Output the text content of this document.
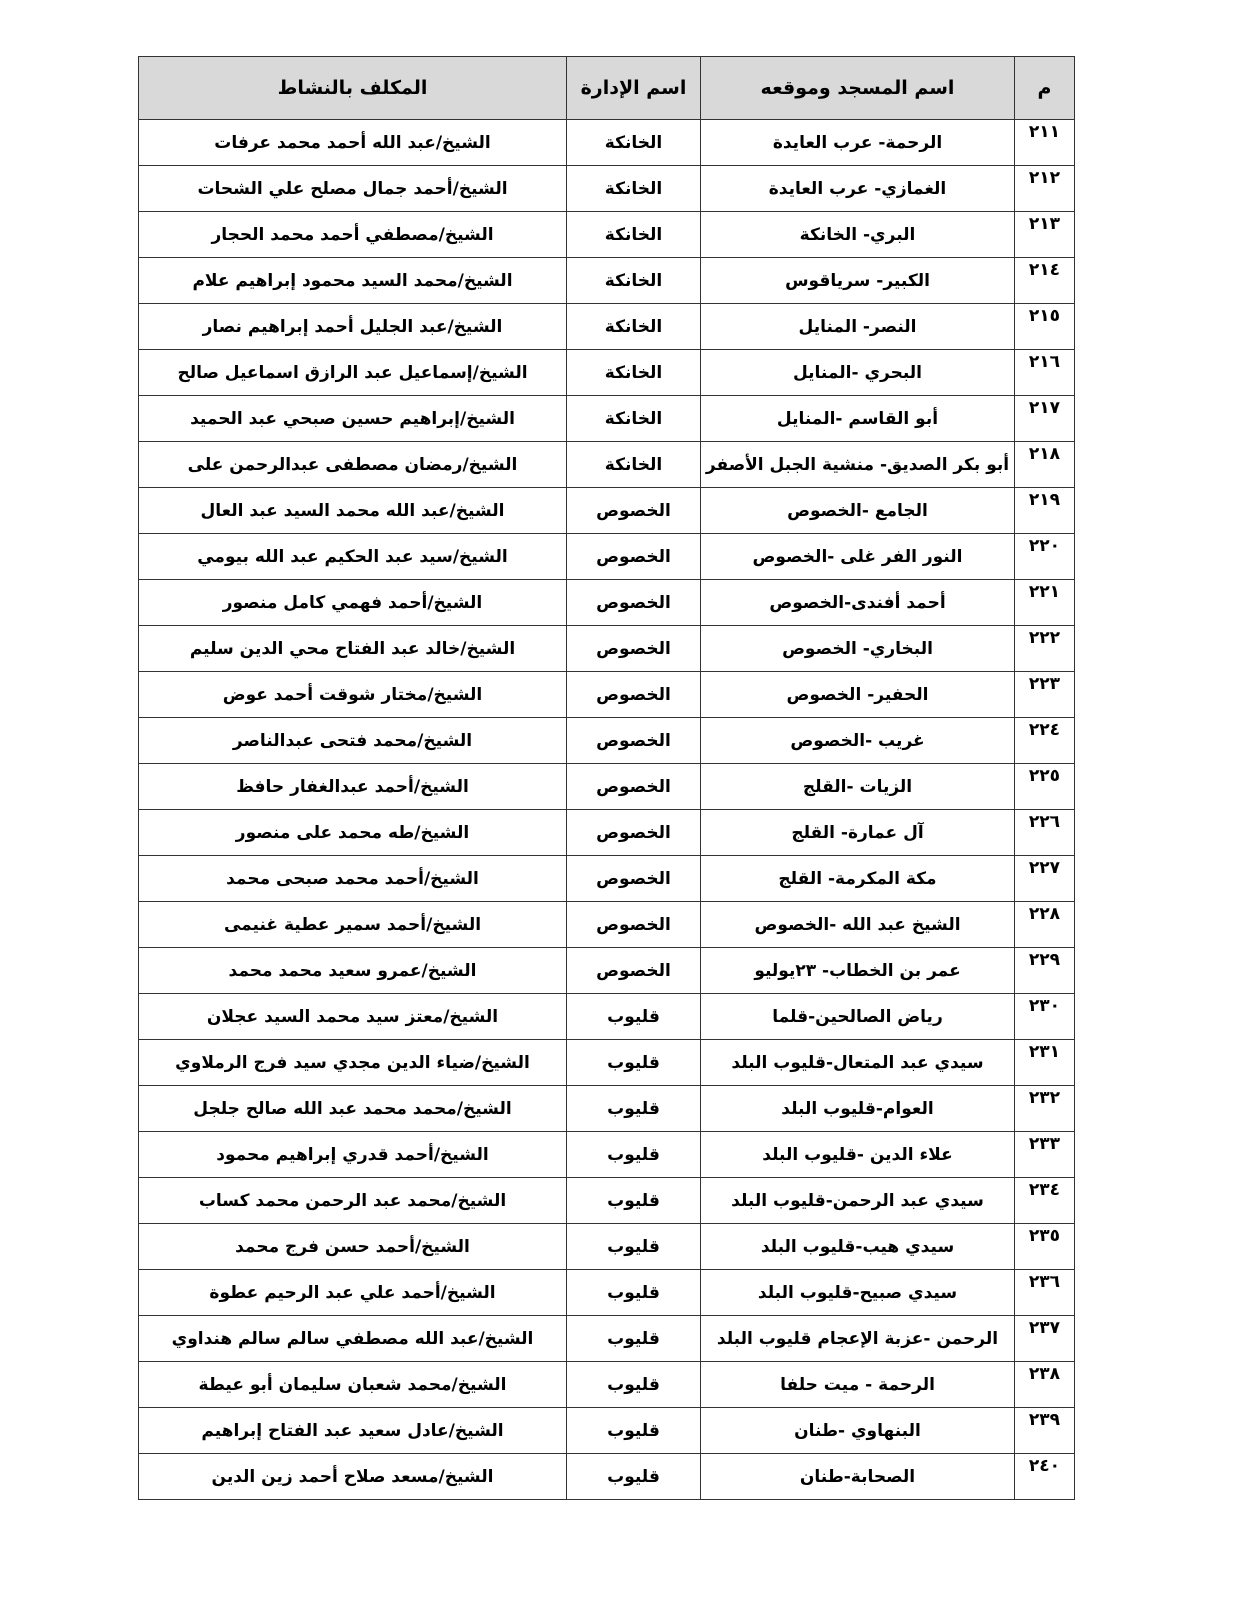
م	اسم المسجد وموقعه	اسم الإدارة	المكلف بالنشاط
٢١١	الرحمة- عرب العايدة	الخانكة	الشيخ/عبد الله أحمد محمد عرفات
٢١٢	الغمازي- عرب العايدة	الخانكة	الشيخ/أحمد جمال مصلح علي الشحات
٢١٣	البري- الخانكة	الخانكة	الشيخ/مصطفي أحمد محمد الحجار
٢١٤	الكبير- سرياقوس	الخانكة	الشيخ/محمد السيد محمود إبراهيم علام
٢١٥	النصر- المنايل	الخانكة	الشيخ/عبد الجليل أحمد إبراهيم نصار
٢١٦	البحري -المنايل	الخانكة	الشيخ/إسماعيل عبد الرازق اسماعيل صالح
٢١٧	أبو القاسم -المنايل	الخانكة	الشيخ/إبراهيم حسين صبحي عبد الحميد
٢١٨	أبو بكر الصديق- منشية الجبل الأصفر	الخانكة	الشيخ/رمضان مصطفى عبدالرحمن على
٢١٩	الجامع -الخصوص	الخصوص	الشيخ/عبد الله محمد السيد عبد العال
٢٢٠	النور الفر غلى -الخصوص	الخصوص	الشيخ/سيد عبد الحكيم عبد الله بيومي
٢٢١	أحمد أفندى-الخصوص	الخصوص	الشيخ/أحمد فهمي كامل منصور
٢٢٢	البخاري- الخصوص	الخصوص	الشيخ/خالد عبد الفتاح محي الدين سليم
٢٢٣	الحفير- الخصوص	الخصوص	الشيخ/مختار شوقت أحمد عوض
٢٢٤	غريب -الخصوص	الخصوص	الشيخ/محمد فتحى عبدالناصر
٢٢٥	الزيات -القلج	الخصوص	الشيخ/أحمد عبدالغفار حافظ
٢٢٦	آل عمارة- القلج	الخصوص	الشيخ/طه محمد على منصور
٢٢٧	مكة المكرمة- القلج	الخصوص	الشيخ/أحمد محمد صبحى محمد
٢٢٨	الشيخ عبد الله -الخصوص	الخصوص	الشيخ/أحمد سمير عطية غنيمى
٢٢٩	عمر بن الخطاب- ٢٣يوليو	الخصوص	الشيخ/عمرو سعيد محمد محمد
٢٣٠	رياض الصالحين-قلما	قليوب	الشيخ/معتز سيد محمد السيد عجلان
٢٣١	سيدي عبد المتعال-قليوب البلد	قليوب	الشيخ/ضياء الدين مجدي سيد فرج الرملاوي
٢٣٢	العوام-قليوب البلد	قليوب	الشيخ/محمد محمد عبد الله صالح جلجل
٢٣٣	علاء الدين -قليوب البلد	قليوب	الشيخ/أحمد قدري إبراهيم محمود
٢٣٤	سيدي عبد الرحمن-قليوب البلد	قليوب	الشيخ/محمد عبد الرحمن محمد كساب
٢٣٥	سيدي هيب-قليوب البلد	قليوب	الشيخ/أحمد حسن فرج محمد
٢٣٦	سيدي صبيح-قليوب البلد	قليوب	الشيخ/أحمد علي عبد الرحيم عطوة
٢٣٧	الرحمن -عزبة الإعجام قليوب البلد	قليوب	الشيخ/عبد الله مصطفي سالم سالم هنداوي
٢٣٨	الرحمة - ميت حلفا	قليوب	الشيخ/محمد شعبان سليمان أبو عيطة
٢٣٩	البنهاوي -طنان	قليوب	الشيخ/عادل سعيد عبد الفتاح إبراهيم
٢٤٠	الصحابة-طنان	قليوب	الشيخ/مسعد صلاح أحمد زين الدين
